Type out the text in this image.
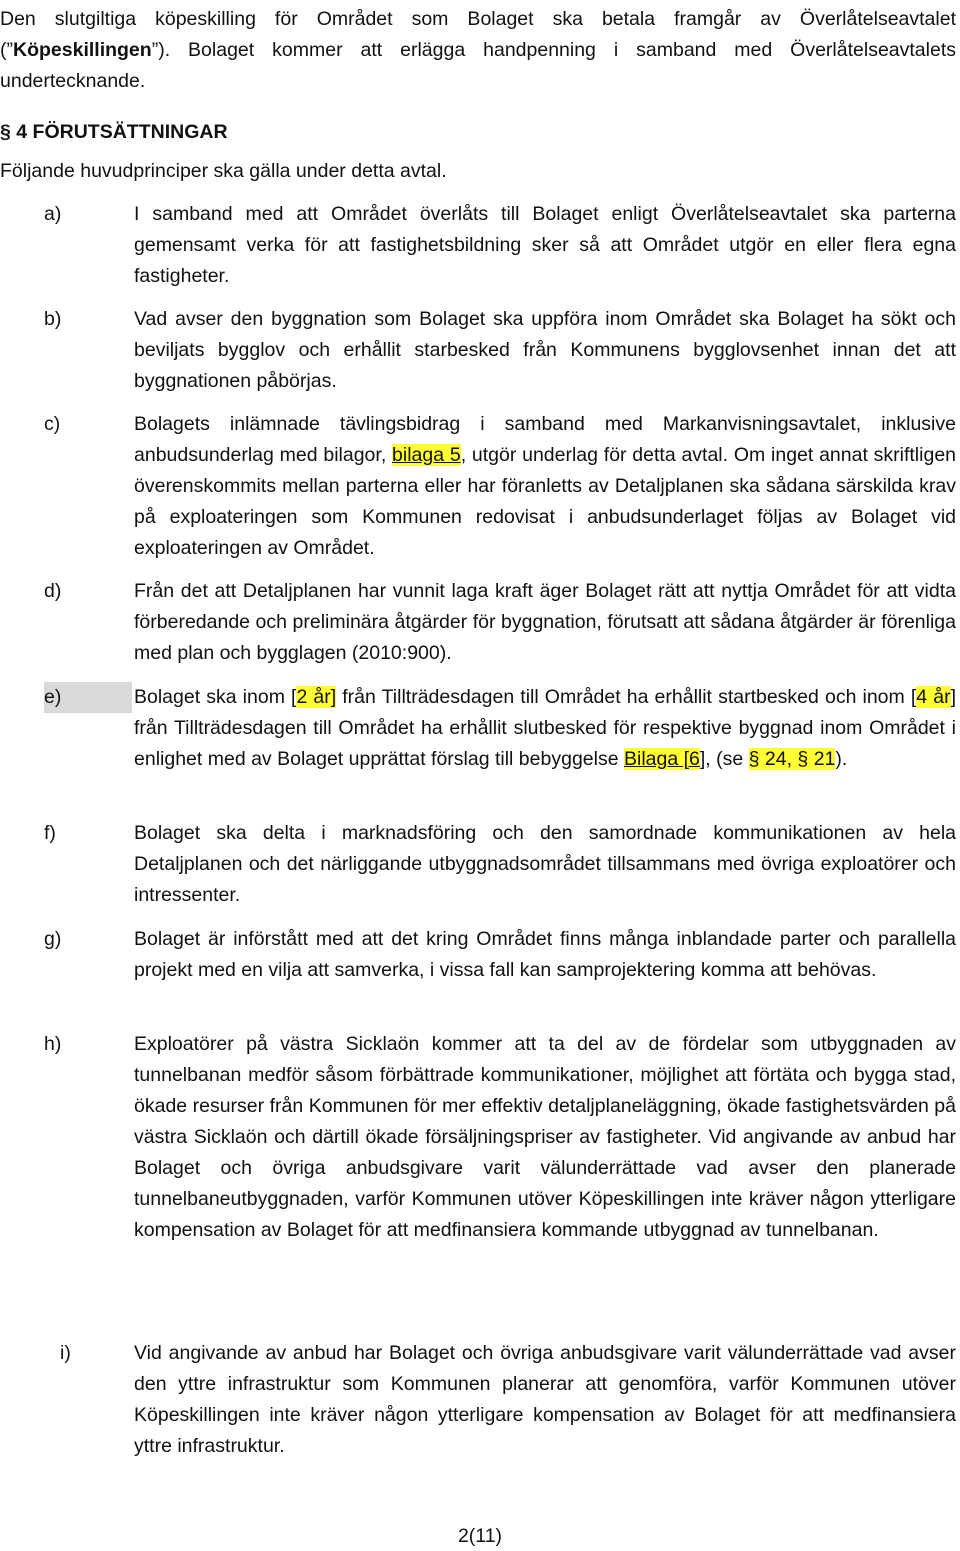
Den slutgiltiga köpeskilling för Området som Bolaget ska betala framgår av Överlåtelseavtalet (”Köpeskillingen”). Bolaget kommer att erlägga handpenning i samband med Överlåtelseavtalets undertecknande.

§ 4 FÖRUTSÄTTNINGAR
Följande huvudprinciper ska gälla under detta avtal.
a)	I samband med att Området överlåts till Bolaget enligt Överlåtelseavtalet ska parterna gemensamt verka för att fastighetsbildning sker så att Området utgör en eller flera egna fastigheter.
b)	Vad avser den byggnation som Bolaget ska uppföra inom Området ska Bolaget ha sökt och beviljats bygglov och erhållit starbesked från Kommunens bygglovsenhet innan det att byggnationen påbörjas.
c)	Bolagets inlämnade tävlingsbidrag i samband med Markanvisningsavtalet, inklusive anbudsunderlag med bilagor, bilaga 5, utgör underlag för detta avtal. Om inget annat skriftligen överenskommits mellan parterna eller har föranletts av Detaljplanen ska sådana särskilda krav på exploateringen som Kommunen redovisat i anbudsunderlaget följas av Bolaget vid exploateringen av Området.
d)	Från det att Detaljplanen har vunnit laga kraft äger Bolaget rätt att nyttja Området för att vidta förberedande och preliminära åtgärder för byggnation, förutsatt att sådana åtgärder är förenliga med plan och bygglagen (2010:900).
e)	Bolaget ska inom [2 år] från Tillträdesdagen till Området ha erhållit startbesked och inom [4 år] från Tillträdesdagen till Området ha erhållit slutbesked för respektive byggnad inom Området i enlighet med av Bolaget upprättat förslag till bebyggelse Bilaga [6], (se § 24, § 21).
f)	Bolaget ska delta i marknadsföring och den samordnade kommunikationen av hela Detaljplanen och det närliggande utbyggnadsområdet tillsammans med övriga exploatörer och intressenter.
g)	Bolaget är införstått med att det kring Området finns många inblandade parter och parallella projekt med en vilja att samverka, i vissa fall kan samprojektering komma att behövas.
h)	Exploatörer på västra Sicklaön kommer att ta del av de fördelar som utbyggnaden av tunnelbanan medför såsom förbättrade kommunikationer, möjlighet att förtäta och bygga stad, ökade resurser från Kommunen för mer effektiv detaljplaneläggning, ökade fastighetsvärden på västra Sicklaön och därtill ökade försäljningspriser av fastigheter. Vid angivande av anbud har Bolaget och övriga anbudsgivare varit välunderrättade vad avser den planerade tunnelbaneutbyggnaden, varför Kommunen utöver Köpeskillingen inte kräver någon ytterligare kompensation av Bolaget för att medfinansiera kommande utbyggnad av tunnelbanan.
i)	Vid angivande av anbud har Bolaget och övriga anbudsgivare varit välunderrättade vad avser den yttre infrastruktur som Kommunen planerar att genomföra, varför Kommunen utöver Köpeskillingen inte kräver någon ytterligare kompensation av Bolaget för att medfinansiera yttre infrastruktur.
2(11)
